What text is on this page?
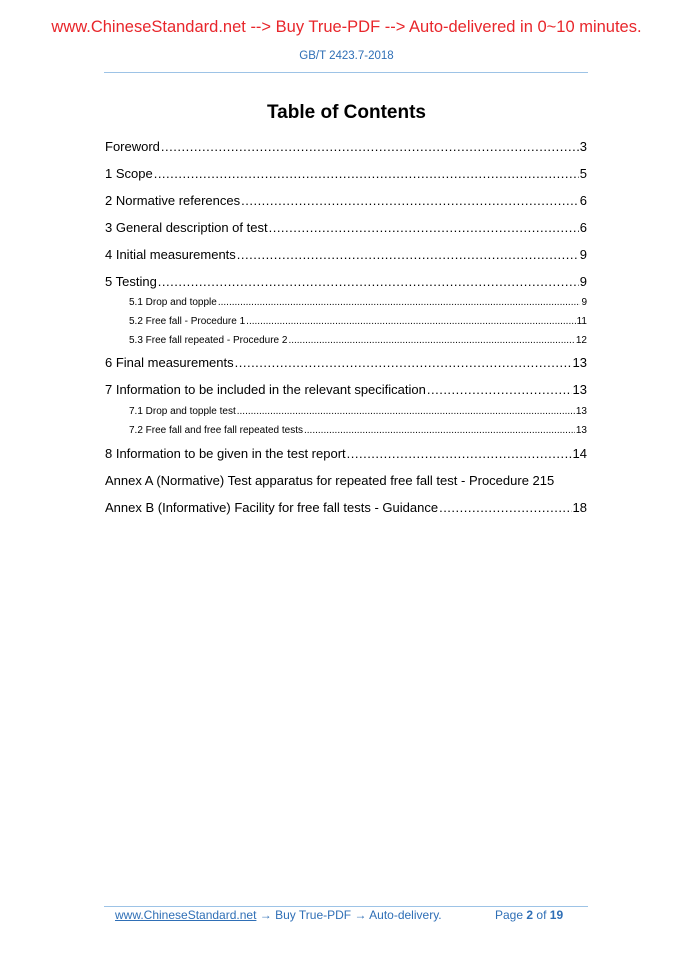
www.ChineseStandard.net --> Buy True-PDF --> Auto-delivered in 0~10 minutes.
GB/T 2423.7-2018
Table of Contents
Foreword .....	3
1 Scope .....	5
2 Normative references .....	6
3 General description of test .....	6
4 Initial measurements .....	9
5 Testing .....	9
5.1 Drop and topple .....	9
5.2 Free fall - Procedure 1 .....	11
5.3 Free fall repeated - Procedure 2 .....	12
6 Final measurements .....	13
7 Information to be included in the relevant specification .....	13
7.1 Drop and topple test .....	13
7.2 Free fall and free fall repeated tests .....	13
8 Information to be given in the test report .....	14
Annex A (Normative) Test apparatus for repeated free fall test - Procedure 2 15
Annex B (Informative) Facility for free fall tests - Guidance .....	18
www.ChineseStandard.net → Buy True-PDF → Auto-delivery.	Page 2 of 19
